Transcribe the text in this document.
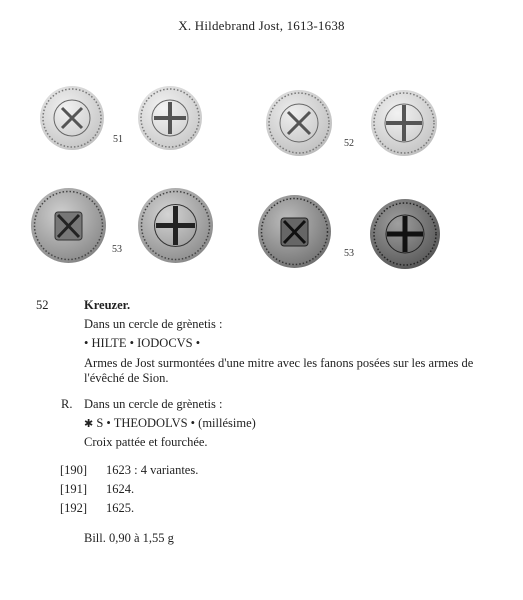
X. Hildebrand Jost, 1613-1638
51	52
53	53
52	Kreuzer.
Dans un cercle de grènetis :
• HILTE • IODOCVS •
Armes de Jost surmontées d'une mitre avec les fanons posées sur les armes de l'évêché de Sion.
R. Dans un cercle de grènetis :
✱ S • THEODOLVS • (millésime)
Croix pattée et fourchée.
[190] 1623 : 4 variantes.
[191] 1624.
[192] 1625.
Bill. 0,90 à 1,55 g
